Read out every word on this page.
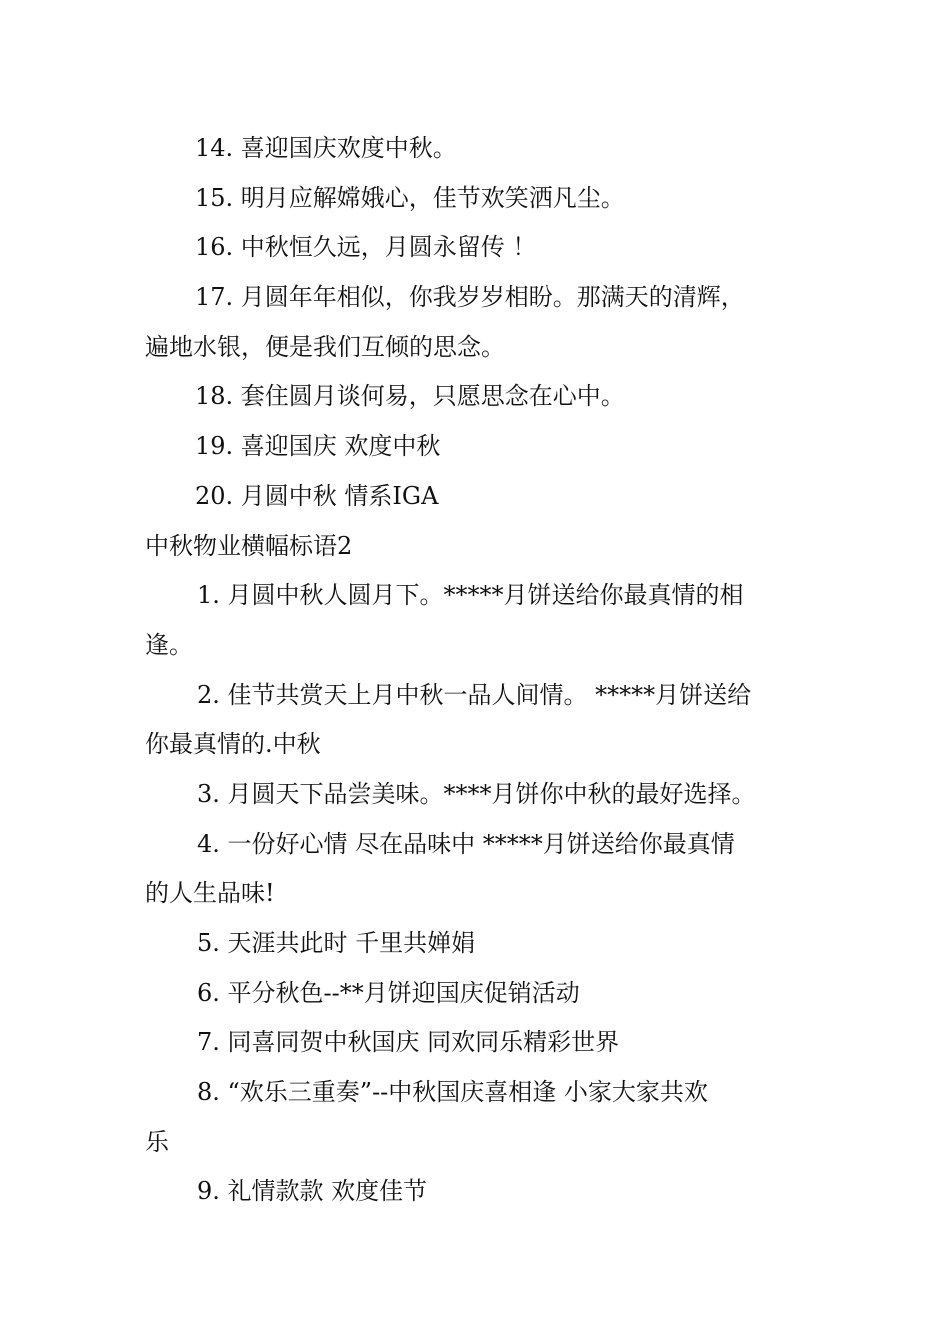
14. 喜迎国庆欢度中秋。
15. 明月应解嫦娥心，佳节欢笑洒凡尘。
16. 中秋恒久远，月圆永留传 ！
17. 月圆年年相似，你我岁岁相盼。那满天的清辉，
遍地水银，便是我们互倾的思念。
18. 套住圆月谈何易，只愿思念在心中。
19. 喜迎国庆 欢度中秋
20. 月圆中秋 情系IGA
中秋物业横幅标语2
1. 月圆中秋人圆月下。*****月饼送给你最真情的相
逢。
2. 佳节共赏天上月中秋一品人间情。 *****月饼送给
你最真情的.中秋
3. 月圆天下品尝美味。****月饼你中秋的最好选择。
4. 一份好心情 尽在品味中 *****月饼送给你最真情
的人生品味!
5. 天涯共此时 千里共婵娟
6. 平分秋色--**月饼迎国庆促销活动
7. 同喜同贺中秋国庆 同欢同乐精彩世界
8. “欢乐三重奏”--中秋国庆喜相逢 小家大家共欢
乐
9. 礼情款款 欢度佳节
